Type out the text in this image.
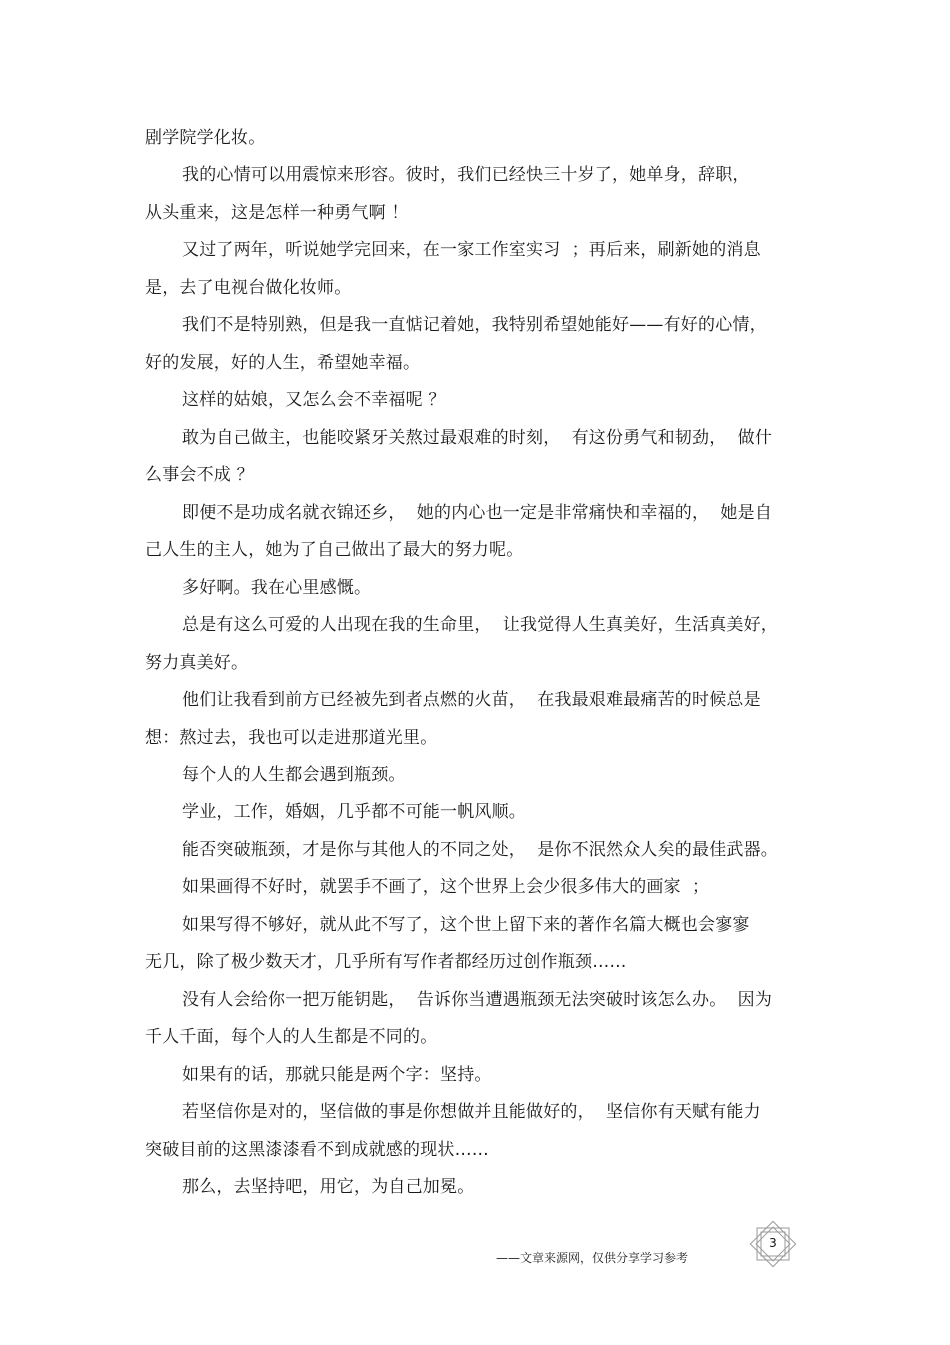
剧学院学化妆。
我的心情可以用震惊来形容。彼时，我们已经快三十岁了，她单身，辞职，
从头重来，这是怎样一种勇气啊 ！
又过了两年，听说她学完回来，在一家工作室实习  ；再后来，刷新她的消息
是，去了电视台做化妆师。
我们不是特别熟，但是我一直惦记着她，我特别希望她能好——有好的心情，
好的发展，好的人生，希望她幸福。
这样的姑娘，又怎么会不幸福呢 ？
敢为自己做主，也能咬紧牙关熬过最艰难的时刻，  有这份勇气和韧劲，  做什
么事会不成 ？
即便不是功成名就衣锦还乡，  她的内心也一定是非常痛快和幸福的，  她是自
己人生的主人，她为了自己做出了最大的努力呢。
多好啊。我在心里感慨。
总是有这么可爱的人出现在我的生命里，  让我觉得人生真美好，生活真美好，
努力真美好。
他们让我看到前方已经被先到者点燃的火苗，  在我最艰难最痛苦的时候总是
想：熬过去，我也可以走进那道光里。
每个人的人生都会遇到瓶颈。
学业，工作，婚姻，几乎都不可能一帆风顺。
能否突破瓶颈，才是你与其他人的不同之处，  是你不泯然众人矣的最佳武器。
如果画得不好时，就罢手不画了，这个世界上会少很多伟大的画家  ；
如果写得不够好，就从此不写了，这个世上留下来的著作名篇大概也会寥寥
无几，除了极少数天才，几乎所有写作者都经历过创作瓶颈……
没有人会给你一把万能钥匙，  告诉你当遭遇瓶颈无法突破时该怎么办。  因为
千人千面，每个人的人生都是不同的。
如果有的话，那就只能是两个字：坚持。
若坚信你是对的，坚信做的事是你想做并且能做好的，  坚信你有天赋有能力
突破目前的这黑漆漆看不到成就感的现状……
那么，去坚持吧，用它，为自己加冕。
——文章来源网，仅供分享学习参考
3
